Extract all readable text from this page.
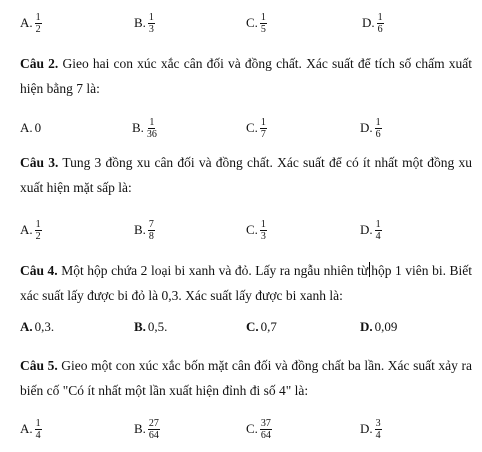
A. $\frac{1}{2}$	B. $\frac{1}{3}$	C. $\frac{1}{5}$	D. $\frac{1}{6}$
Câu 2. Gieo hai con xúc xắc cân đối và đồng chất. Xác suất để tích số chấm xuất hiện bằng 7 là:
A. 0	B. $\frac{1}{36}$	C. $\frac{1}{7}$	D. $\frac{1}{6}$
Câu 3. Tung 3 đồng xu cân đối và đồng chất. Xác suất để có ít nhất một đồng xu xuất hiện mặt sấp là:
A. $\frac{1}{2}$	B. $\frac{7}{8}$	C. $\frac{1}{3}$	D. $\frac{1}{4}$
Câu 4. Một hộp chứa 2 loại bi xanh và đỏ. Lấy ra ngẫu nhiên từ hộp 1 viên bi. Biết xác suất lấy được bi đỏ là 0,3. Xác suất lấy được bi xanh là:
A. 0,3.	B. 0,5.	C. 0,7	D. 0,09
Câu 5. Gieo một con xúc xắc bốn mặt cân đối và đồng chất ba lần. Xác suất xảy ra biến cố "Có ít nhất một lần xuất hiện đỉnh đi số 4" là:
A. $\frac{1}{4}$	B. $\frac{27}{64}$	C. $\frac{37}{64}$	D. $\frac{3}{4}$
